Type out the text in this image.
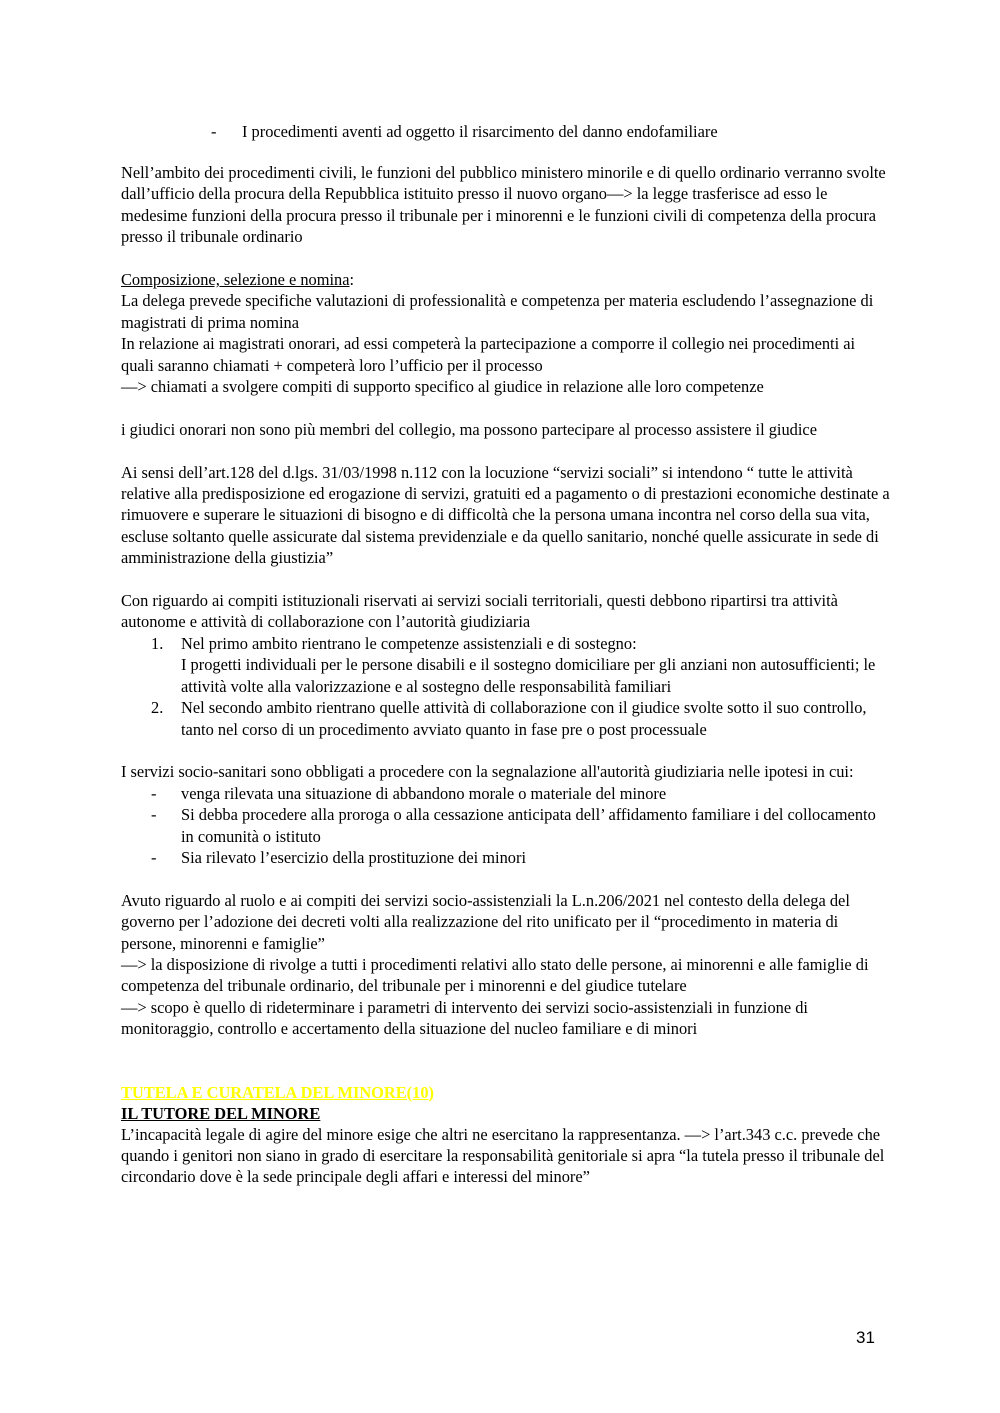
- I procedimenti aventi ad oggetto il risarcimento del danno endofamiliare

Nell’ambito dei procedimenti civili, le funzioni del pubblico ministero minorile e di quello ordinario verranno svolte dall’ufficio della procura della Repubblica istituito presso il nuovo organo—> la legge trasferisce ad esso le medesime funzioni della procura presso il tribunale per i minorenni e le funzioni civili di competenza della procura presso il tribunale ordinario

Composizione, selezione e nomina:

La delega prevede specifiche valutazioni di professionalità e competenza per materia escludendo l’assegnazione di magistrati di prima nomina

In relazione ai magistrati onorari, ad essi competerà la partecipazione a comporre il collegio nei procedimenti ai quali saranno chiamati + competerà loro l’ufficio per il processo

—> chiamati a svolgere compiti di supporto specifico al giudice in relazione alle loro competenze

i giudici onorari non sono più membri del collegio, ma possono partecipare al processo assistere il giudice

Ai sensi dell’art.128 del d.lgs. 31/03/1998 n.112 con la locuzione “servizi sociali” si intendono “ tutte le attività relative alla predisposizione ed erogazione di servizi, gratuiti ed a pagamento o di prestazioni economiche destinate a rimuovere e superare le situazioni di bisogno e di difficoltà che la persona umana incontra nel corso della sua vita, escluse soltanto quelle assicurate dal sistema previdenziale e da quello sanitario, nonché quelle assicurate in sede di amministrazione della giustizia”

Con riguardo ai compiti istituzionali riservati ai servizi sociali territoriali, questi debbono ripartirsi tra attività autonome e attività di collaborazione con l’autorità giudiziaria

1. Nel primo ambito rientrano le competenze assistenziali e di sostegno:
I progetti individuali per le persone disabili e il sostegno domiciliare per gli anziani non autosufficienti; le attività volte alla valorizzazione e al sostegno delle responsabilità familiari
2. Nel secondo ambito rientrano quelle attività di collaborazione con il giudice svolte sotto il suo controllo, tanto nel corso di un procedimento avviato quanto in fase pre o post processuale

I servizi socio-sanitari sono obbligati a procedere con la segnalazione all'autorità giudiziaria nelle ipotesi in cui:

- venga rilevata una situazione di abbandono morale o materiale del minore
- Si debba procedere alla proroga o alla cessazione anticipata dell’ affidamento familiare i del collocamento in comunità o istituto
- Sia rilevato l’esercizio della prostituzione dei minori

Avuto riguardo al ruolo e ai compiti dei servizi socio-assistenziali la L.n.206/2021 nel contesto della delega del governo per l’adozione dei decreti volti alla realizzazione del rito unificato per il “procedimento in materia di persone, minorenni e famiglie”

—> la disposizione di rivolge a tutti i procedimenti relativi allo stato delle persone, ai minorenni e alle famiglie di competenza del tribunale ordinario, del tribunale per i minorenni e del giudice tutelare

—> scopo è quello di rideterminare i parametri di intervento dei servizi socio-assistenziali in funzione di monitoraggio, controllo e accertamento della situazione del nucleo familiare e di minori

TUTELA E CURATELA DEL MINORE(10)
IL TUTORE DEL MINORE

L’incapacità legale di agire del minore esige che altri ne esercitano la rappresentanza. —> l’art.343 c.c. prevede che quando i genitori non siano in grado di esercitare la responsabilità genitoriale si apra “la tutela presso il tribunale del circondario dove è la sede principale degli affari e interessi del minore”

31
